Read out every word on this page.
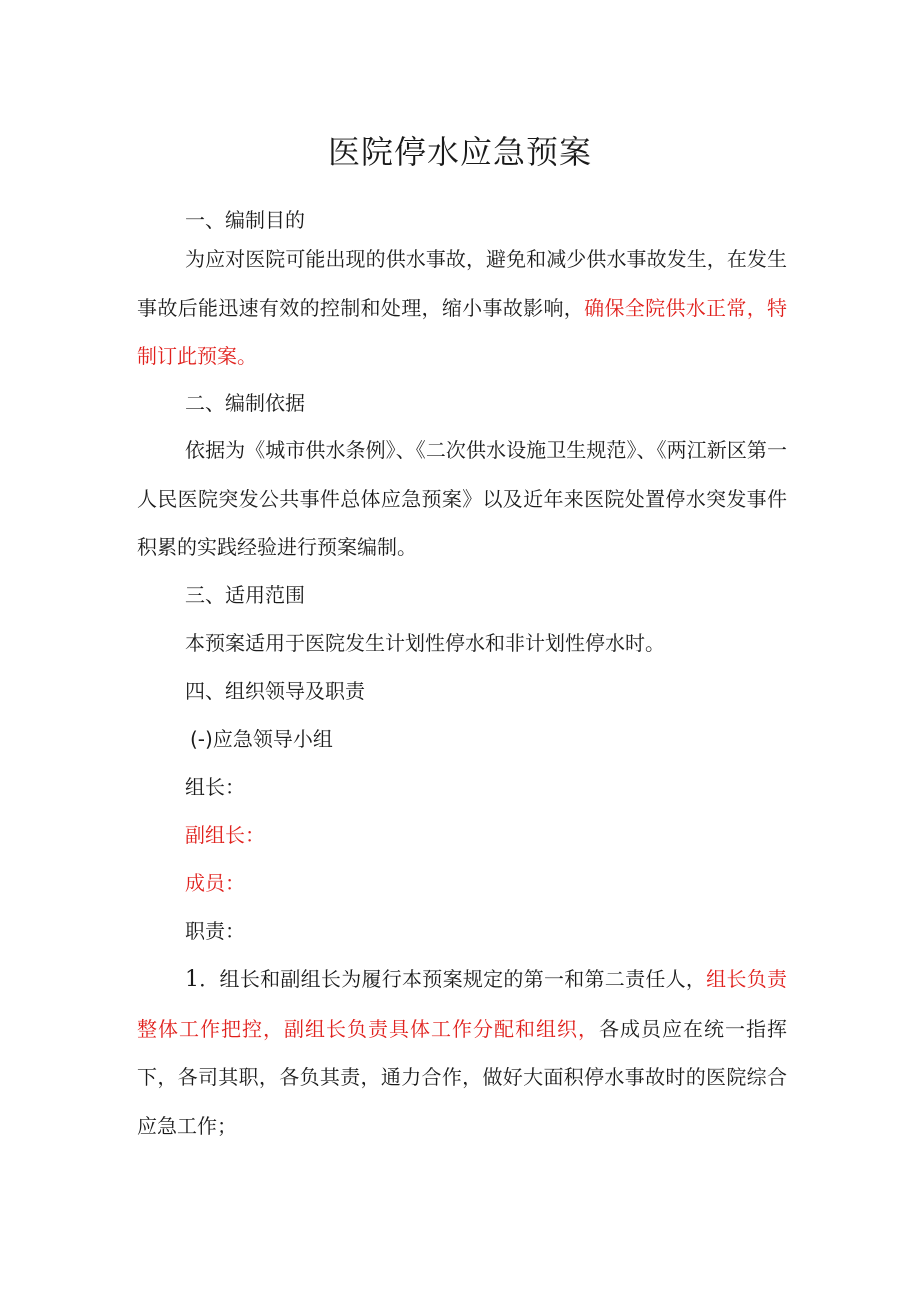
医院停水应急预案

一、编制目的

为应对医院可能出现的供水事故，避免和减少供水事故发生，在发生事故后能迅速有效的控制和处理，缩小事故影响，确保全院供水正常，特制订此预案。

二、编制依据

依据为《城市供水条例》、《二次供水设施卫生规范》、《两江新区第一人民医院突发公共事件总体应急预案》以及近年来医院处置停水突发事件积累的实践经验进行预案编制。

三、适用范围

本预案适用于医院发生计划性停水和非计划性停水时。

四、组织领导及职责

(-)应急领导小组

组长：

副组长：

成员：

职责：

1．组长和副组长为履行本预案规定的第一和第二责任人，组长负责整体工作把控，副组长负责具体工作分配和组织，各成员应在统一指挥下，各司其职，各负其责，通力合作，做好大面积停水事故时的医院综合应急工作；
